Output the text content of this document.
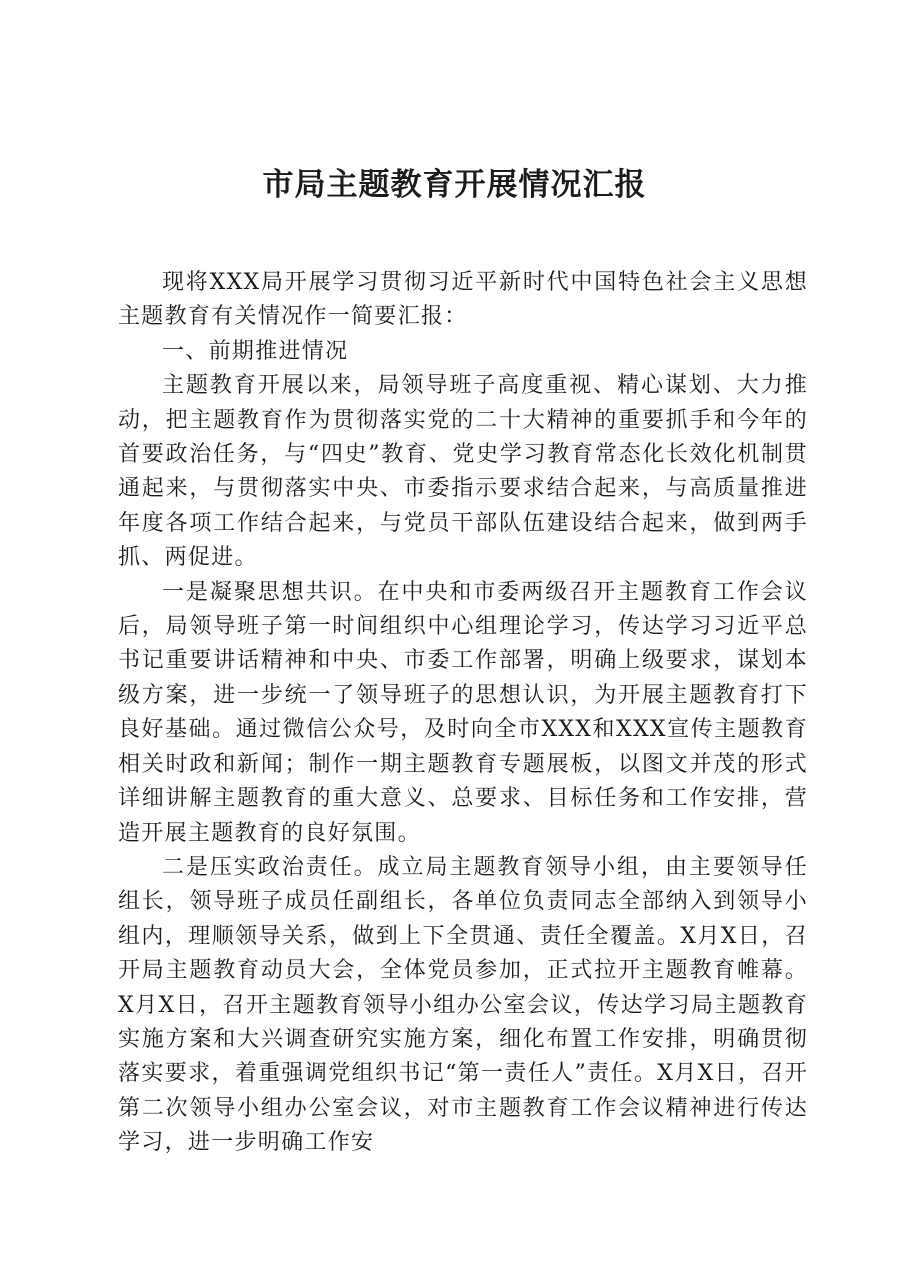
市局主题教育开展情况汇报

现将XXX局开展学习贯彻习近平新时代中国特色社会主义思想主题教育有关情况作一简要汇报：

一、前期推进情况

主题教育开展以来，局领导班子高度重视、精心谋划、大力推动，把主题教育作为贯彻落实党的二十大精神的重要抓手和今年的首要政治任务，与“四史”教育、党史学习教育常态化长效化机制贯通起来，与贯彻落实中央、市委指示要求结合起来，与高质量推进年度各项工作结合起来，与党员干部队伍建设结合起来，做到两手抓、两促进。

一是凝聚思想共识。在中央和市委两级召开主题教育工作会议后，局领导班子第一时间组织中心组理论学习，传达学习习近平总书记重要讲话精神和中央、市委工作部署，明确上级要求，谋划本级方案，进一步统一了领导班子的思想认识，为开展主题教育打下良好基础。通过微信公众号，及时向全市XXX和XXX宣传主题教育相关时政和新闻；制作一期主题教育专题展板，以图文并茂的形式详细讲解主题教育的重大意义、总要求、目标任务和工作安排，营造开展主题教育的良好氛围。

二是压实政治责任。成立局主题教育领导小组，由主要领导任组长，领导班子成员任副组长，各单位负责同志全部纳入到领导小组内，理顺领导关系，做到上下全贯通、责任全覆盖。X月X日，召开局主题教育动员大会，全体党员参加，正式拉开主题教育帷幕。X月X日，召开主题教育领导小组办公室会议，传达学习局主题教育实施方案和大兴调查研究实施方案，细化布置工作安排，明确贯彻落实要求，着重强调党组织书记“第一责任人”责任。X月X日，召开第二次领导小组办公室会议，对市主题教育工作会议精神进行传达学习，进一步明确工作安
